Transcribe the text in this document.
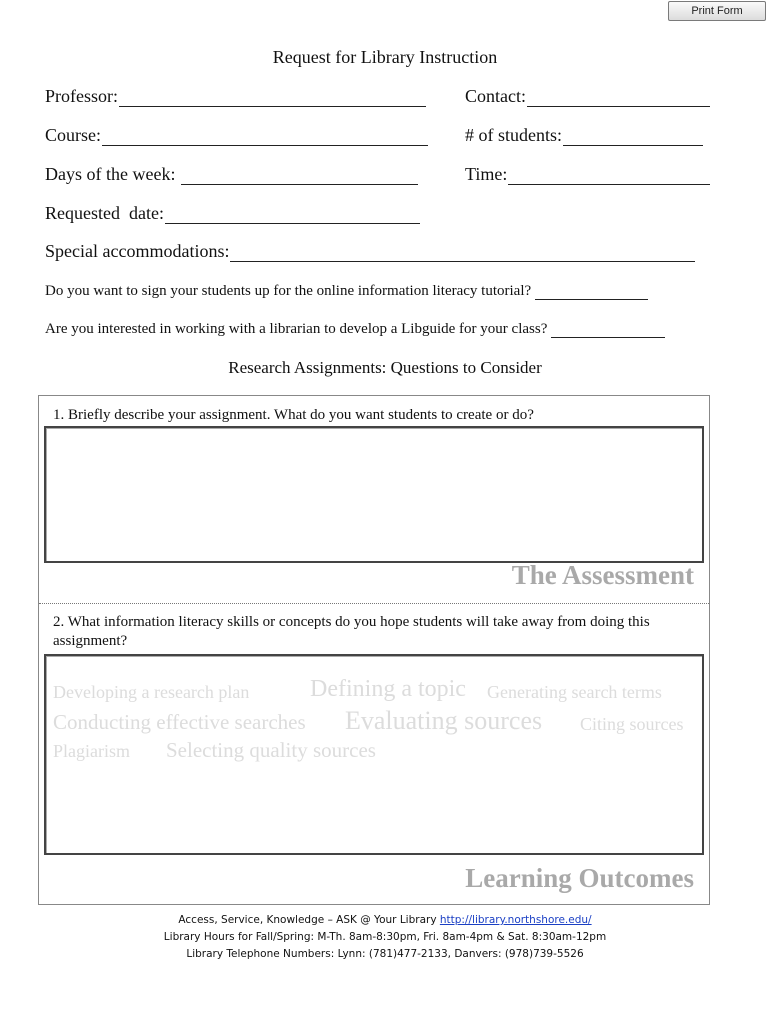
Print Form
Request for Library Instruction
Professor:	Contact:
Course:	# of students:
Days of the week:	Time:
Requested  date:
Special accommodations:
Do you want to sign your students up for the online information literacy tutorial?
Are you interested in working with a librarian to develop a Libguide for your class?
Research Assignments: Questions to Consider
1. Briefly describe your assignment. What do you want students to create or do?
The Assessment
2. What information literacy skills or concepts do you hope students will take away from doing this assignment?
Developing a research plan	Defining a topic Generating search terms
Conducting effective searches Evaluating sources Citing sources
Plagiarism Selecting quality sources
Learning Outcomes
Access, Service, Knowledge – ASK @ Your Library http://library.northshore.edu/
Library Hours for Fall/Spring: M-Th. 8am-8:30pm, Fri. 8am-4pm & Sat. 8:30am-12pm
Library Telephone Numbers: Lynn: (781)477-2133, Danvers: (978)739-5526
